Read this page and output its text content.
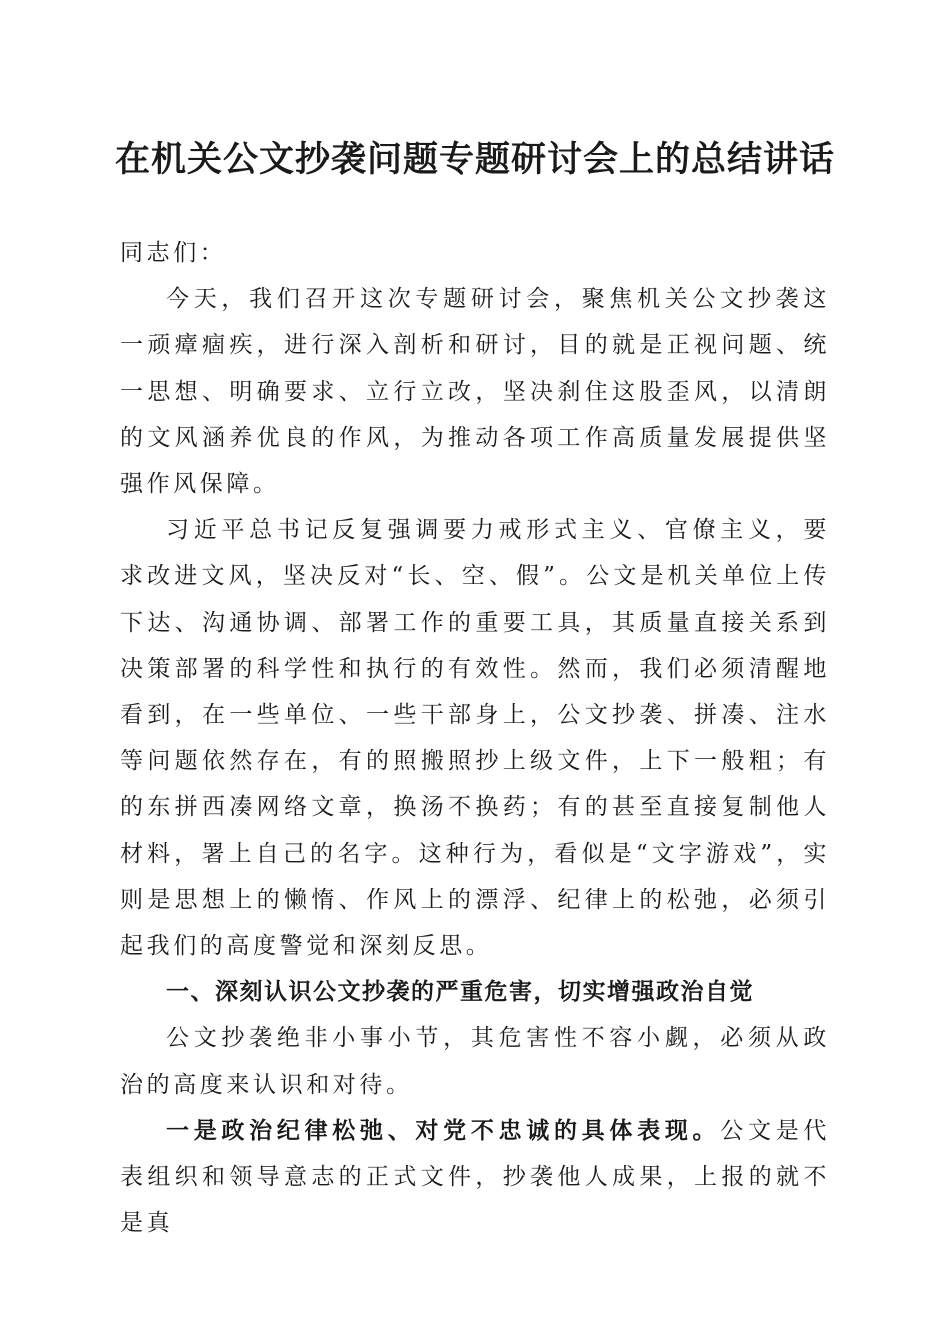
在机关公文抄袭问题专题研讨会上的总结讲话

同志们：

今天，我们召开这次专题研讨会，聚焦机关公文抄袭这一顽瘴痼疾，进行深入剖析和研讨，目的就是正视问题、统一思想、明确要求、立行立改，坚决刹住这股歪风，以清朗的文风涵养优良的作风，为推动各项工作高质量发展提供坚强作风保障。

习近平总书记反复强调要力戒形式主义、官僚主义，要求改进文风，坚决反对“长、空、假”。公文是机关单位上传下达、沟通协调、部署工作的重要工具，其质量直接关系到决策部署的科学性和执行的有效性。然而，我们必须清醒地看到，在一些单位、一些干部身上，公文抄袭、拼凑、注水等问题依然存在，有的照搬照抄上级文件，上下一般粗；有的东拼西凑网络文章，换汤不换药；有的甚至直接复制他人材料，署上自己的名字。这种行为，看似是“文字游戏”，实则是思想上的懒惰、作风上的漂浮、纪律上的松弛，必须引起我们的高度警觉和深刻反思。

一、深刻认识公文抄袭的严重危害，切实增强政治自觉

公文抄袭绝非小事小节，其危害性不容小觑，必须从政治的高度来认识和对待。

一是政治纪律松弛、对党不忠诚的具体表现。公文是代表组织和领导意志的正式文件，抄袭他人成果，上报的就不是真
